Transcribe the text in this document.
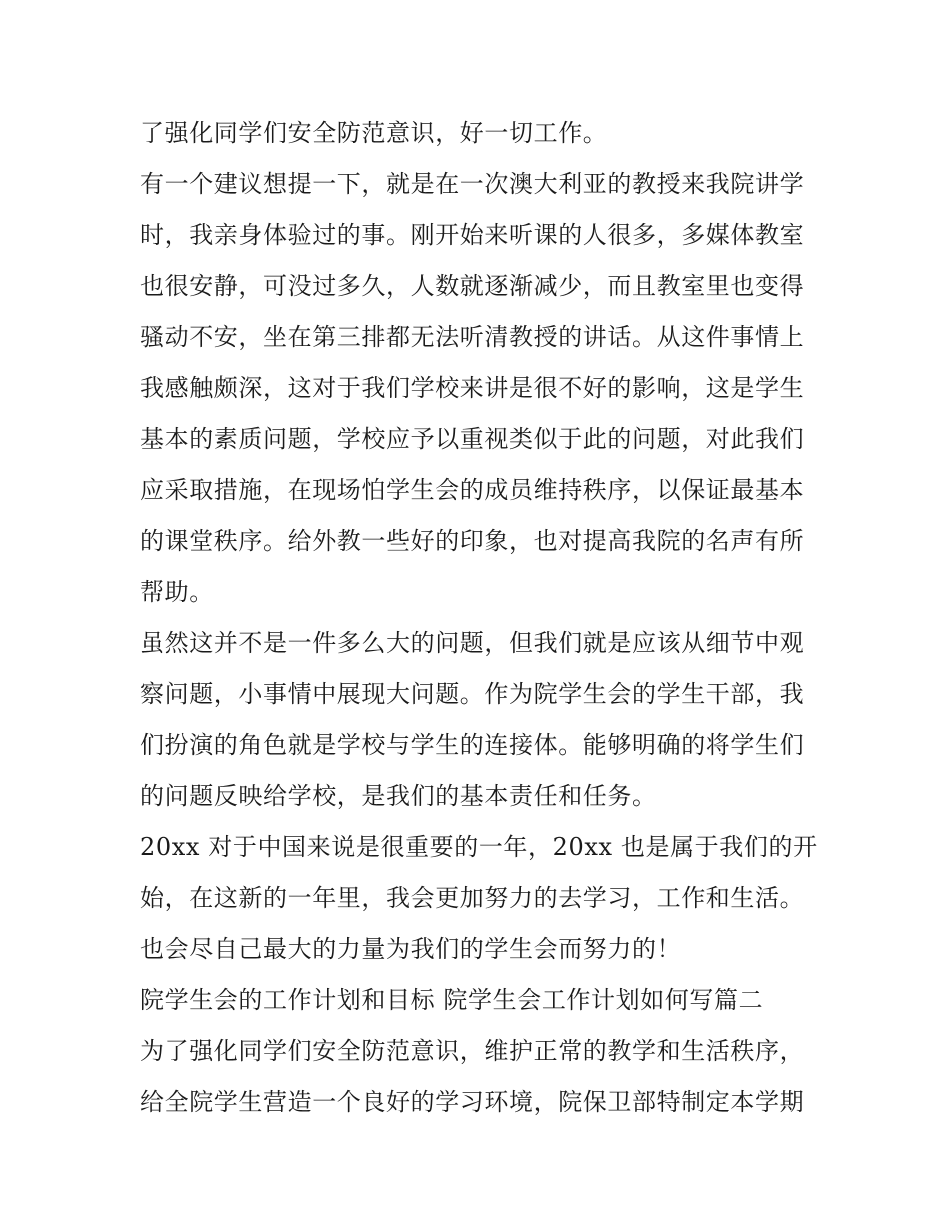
了强化同学们安全防范意识，好一切工作。
有一个建议想提一下，就是在一次澳大利亚的教授来我院讲学
时，我亲身体验过的事。刚开始来听课的人很多，多媒体教室
也很安静，可没过多久，人数就逐渐减少，而且教室里也变得
骚动不安，坐在第三排都无法听清教授的讲话。从这件事情上
我感触颇深，这对于我们学校来讲是很不好的影响，这是学生
基本的素质问题，学校应予以重视类似于此的问题，对此我们
应采取措施，在现场怕学生会的成员维持秩序，以保证最基本
的课堂秩序。给外教一些好的印象，也对提高我院的名声有所
帮助。
虽然这并不是一件多么大的问题，但我们就是应该从细节中观
察问题，小事情中展现大问题。作为院学生会的学生干部，我
们扮演的角色就是学校与学生的连接体。能够明确的将学生们
的问题反映给学校，是我们的基本责任和任务。
20xx 对于中国来说是很重要的一年，20xx 也是属于我们的开
始，在这新的一年里，我会更加努力的去学习，工作和生活。
也会尽自己最大的力量为我们的学生会而努力的！
院学生会的工作计划和目标 院学生会工作计划如何写篇二
为了强化同学们安全防范意识，维护正常的教学和生活秩序，
给全院学生营造一个良好的学习环境，院保卫部特制定本学期
